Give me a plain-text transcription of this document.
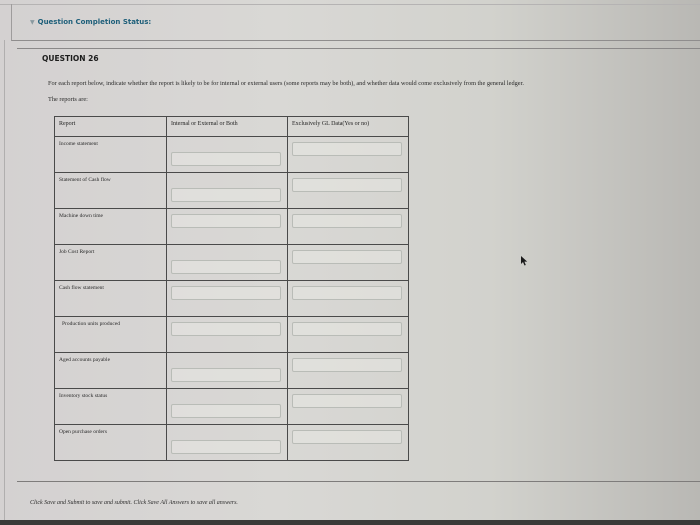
▼ Question Completion Status:
QUESTION 26
For each report below, indicate whether the report is likely to be for internal or external users (some reports may be both), and whether data would come exclusively from the general ledger.
The reports are:
Report	Internal or External or Both	Exclusively GL Data(Yes or no)

Income statement

Statement of Cash flow

Machine down time

Job Cost Report

Cash flow statement

Production units produced

Aged accounts payable

Inventory stock status

Open purchase orders

Click Save and Submit to save and submit. Click Save All Answers to save all answers.
